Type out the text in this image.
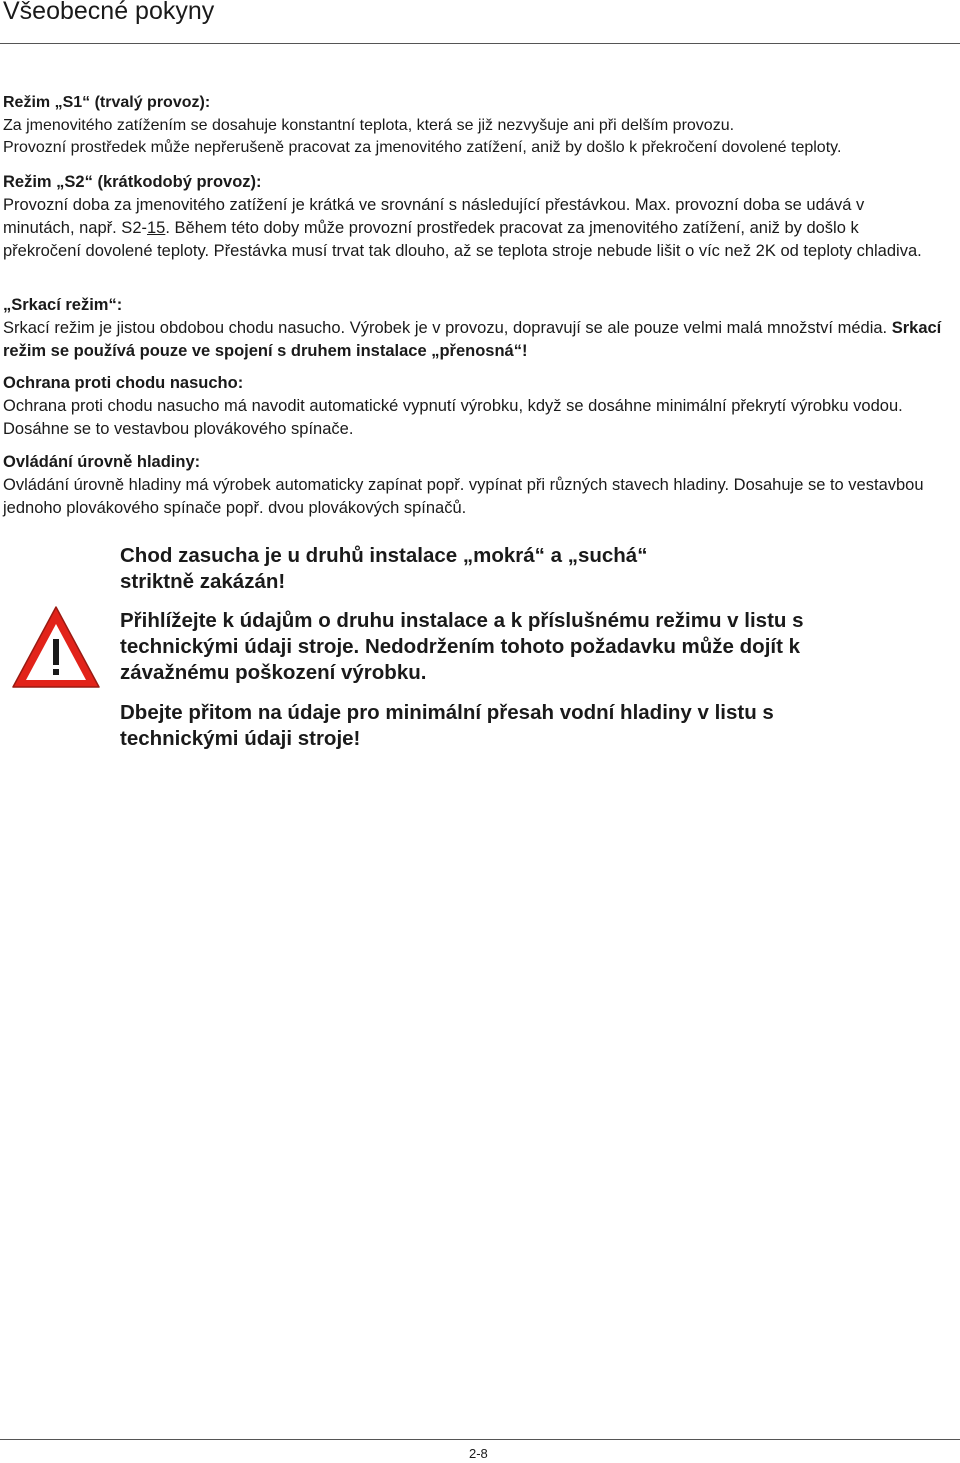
Všeobecné pokyny

Režim „S1“ (trvalý provoz):

Za jmenovitého zatížením se dosahuje konstantní teplota, která se již nezvyšuje ani při delším provozu.

Provozní prostředek může nepřerušeně pracovat za jmenovitého zatížení, aniž by došlo k překročení dovolené teploty.

Režim „S2“ (krátkodobý provoz):

Provozní doba za jmenovitého zatížení je krátká ve srovnání s následující přestávkou. Max. provozní doba se udává v minutách, např. S2-15. Během této doby může provozní prostředek pracovat za jmenovitého zatížení, aniž by došlo k překročení dovolené teploty. Přestávka musí trvat tak dlouho, až se teplota stroje nebude lišit o víc než 2K od teploty chladiva.

„Srkací režim“:

Srkací režim je jistou obdobou chodu nasucho. Výrobek je v provozu, dopravují se ale pouze velmi malá množství média. Srkací režim se používá pouze ve spojení s druhem instalace „přenosná“!

Ochrana proti chodu nasucho:

Ochrana proti chodu nasucho má navodit automatické vypnutí výrobku, když se dosáhne minimální překrytí výrobku vodou. Dosáhne se to vestavbou plovákového spínače.

Ovládání úrovně hladiny:

Ovládání úrovně hladiny má výrobek automaticky zapínat popř. vypínat při různých stavech hladiny. Dosahuje se to vestavbou jednoho plovákového spínače popř. dvou plovákových spínačů.

Chod zasucha je u druhů instalace „mokrá“ a „suchá“ striktně zakázán!
Přihlížejte k údajům o druhu instalace a k příslušnému režimu v listu s technickými údaji stroje. Nedodržením tohoto požadavku může dojít k závažnému poškození výrobku.
Dbejte přitom na údaje pro minimální přesah vodní hladiny v listu s technickými údaji stroje!
2-8
